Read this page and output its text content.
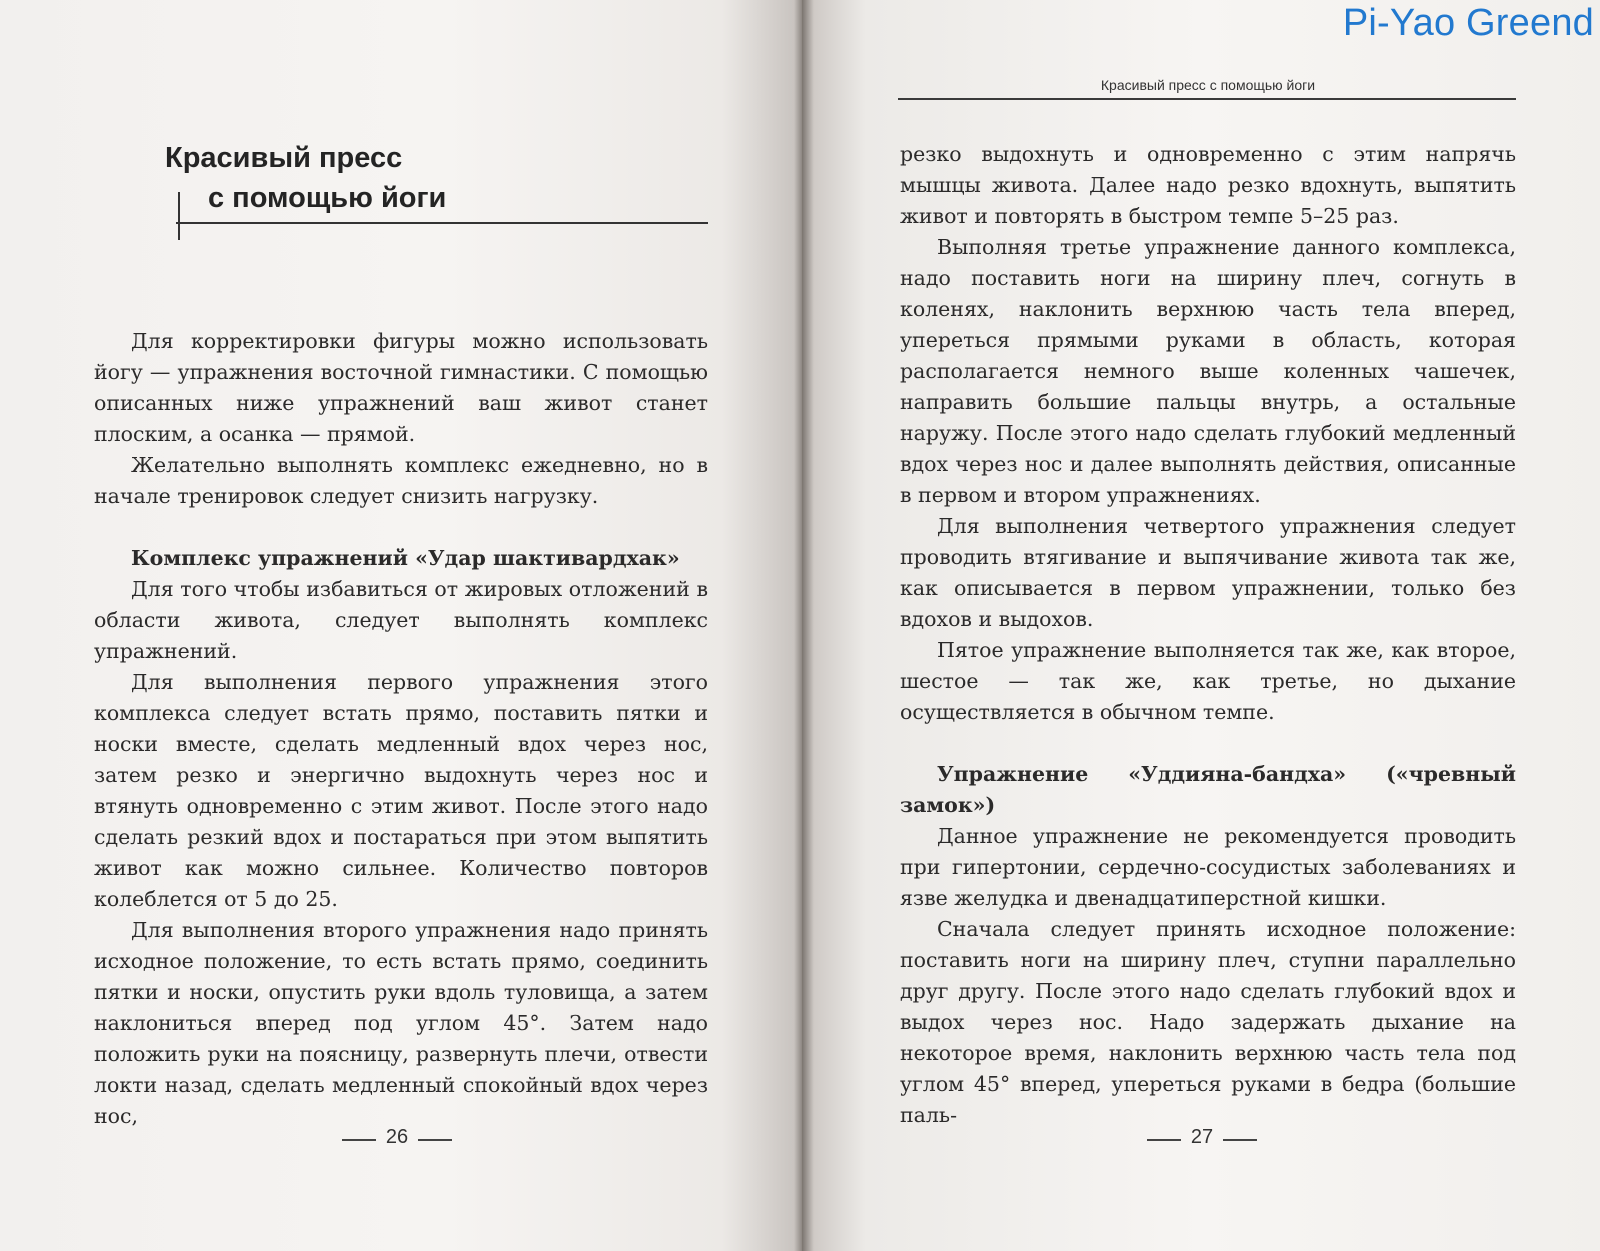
Красивый пресс
с помощью йоги

Для корректировки фигуры можно использовать йогу — упражнения восточной гимнастики. С помощью описанных ниже упражнений ваш живот станет плоским, а осанка — прямой.

Желательно выполнять комплекс ежедневно, но в начале тренировок следует снизить нагрузку.

Комплекс упражнений «Удар шактивардхак»

Для того чтобы избавиться от жировых отложений в области живота, следует выполнять комплекс упражнений.

Для выполнения первого упражнения этого комплекса следует встать прямо, поставить пятки и носки вместе, сделать медленный вдох через нос, затем резко и энергично выдохнуть через нос и втянуть одновременно с этим живот. После этого надо сделать резкий вдох и постараться при этом выпятить живот как можно сильнее. Количество повторов колеблется от 5 до 25.

Для выполнения второго упражнения надо принять исходное положение, то есть встать прямо, соединить пятки и носки, опустить руки вдоль туловища, а затем наклониться вперед под углом 45°. Затем надо положить руки на поясницу, развернуть плечи, отвести локти назад, сделать медленный спокойный вдох через нос,

26
Pi-Yao Greend
Красивый пресс с помощью йоги

резко выдохнуть и одновременно с этим напрячь мышцы живота. Далее надо резко вдохнуть, выпятить живот и повторять в быстром темпе 5–25 раз.

Выполняя третье упражнение данного комплекса, надо поставить ноги на ширину плеч, согнуть в коленях, наклонить верхнюю часть тела вперед, упереться прямыми руками в область, которая располагается немного выше коленных чашечек, направить большие пальцы внутрь, а остальные наружу. После этого надо сделать глубокий медленный вдох через нос и далее выполнять действия, описанные в первом и втором упражнениях.

Для выполнения четвертого упражнения следует проводить втягивание и выпячивание живота так же, как описывается в первом упражнении, только без вдохов и выдохов.

Пятое упражнение выполняется так же, как второе, шестое — так же, как третье, но дыхание осуществляется в обычном темпе.

Упражнение «Уддияна-бандха» («чревный замок»)

Данное упражнение не рекомендуется проводить при гипертонии, сердечно-сосудистых заболеваниях и язве желудка и двенадцатиперстной кишки.

Сначала следует принять исходное положение: поставить ноги на ширину плеч, ступни параллельно друг другу. После этого надо сделать глубокий вдох и выдох через нос. Надо задержать дыхание на некоторое время, наклонить верхнюю часть тела под углом 45° вперед, упереться руками в бедра (большие паль-

27
